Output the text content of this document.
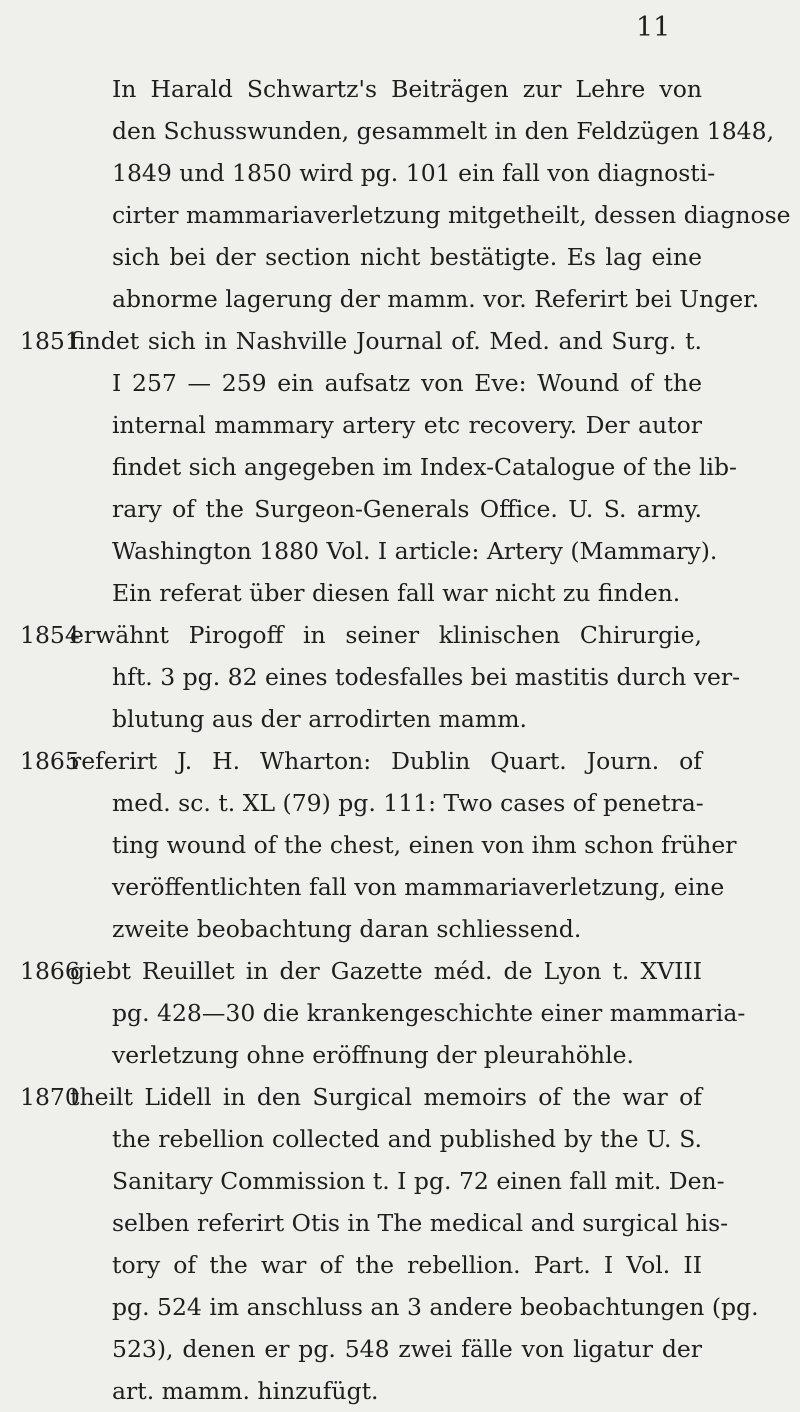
11
In Harald Schwartz's Beiträgen zur Lehre von
den Schusswunden, gesammelt in den Feldzügen 1848,
1849 und 1850 wird pg. 101 ein fall von diagnosti-
cirter mammariaverletzung mitgetheilt, dessen diagnose
sich bei der section nicht bestätigte. Es lag eine
abnorme lagerung der mamm. vor. Referirt bei Unger.
1851
findet sich in Nashville Journal of. Med. and Surg. t.
I 257 — 259 ein aufsatz von Eve: Wound of the
internal mammary artery etc recovery. Der autor
findet sich angegeben im Index-Catalogue of the lib-
rary of the Surgeon-Generals Office. U. S. army.
Washington 1880 Vol. I article: Artery (Mammary).
Ein referat über diesen fall war nicht zu finden.
1854
erwähnt Pirogoff in seiner klinischen Chirurgie,
hft. 3 pg. 82 eines todesfalles bei mastitis durch ver-
blutung aus der arrodirten mamm.
1865
referirt J. H. Wharton: Dublin Quart. Journ. of
med. sc. t. XL (79) pg. 111: Two cases of penetra-
ting wound of the chest, einen von ihm schon früher
veröffentlichten fall von mammariaverletzung, eine
zweite beobachtung daran schliessend.
1866
giebt Reuillet in der Gazette méd. de Lyon t. XVIII
pg. 428—30 die krankengeschichte einer mammaria-
verletzung ohne eröffnung der pleurahöhle.
1870
theilt Lidell in den Surgical memoirs of the war of
the rebellion collected and published by the U. S.
Sanitary Commission t. I pg. 72 einen fall mit. Den-
selben referirt Otis in The medical and surgical his-
tory of the war of the rebellion. Part. I Vol. II
pg. 524 im anschluss an 3 andere beobachtungen (pg.
523), denen er pg. 548 zwei fälle von ligatur der
art. mamm. hinzufügt.
